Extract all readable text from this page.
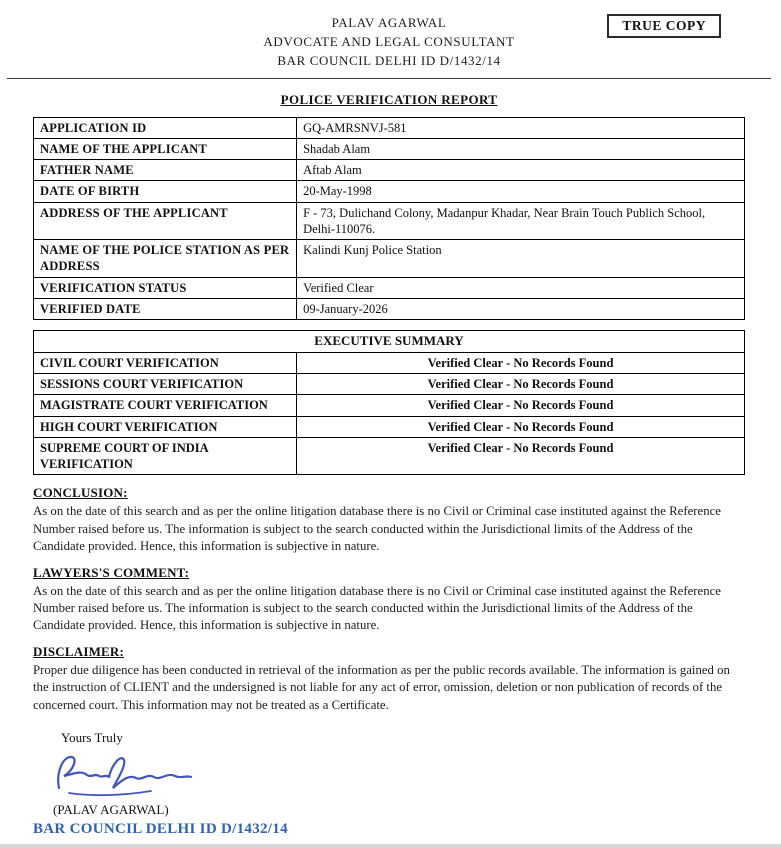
PALAV AGARWAL
ADVOCATE AND LEGAL CONSULTANT
BAR COUNCIL DELHI ID D/1432/14
TRUE COPY
POLICE VERIFICATION REPORT
APPLICATION ID	GQ-AMRSNVJ-581
NAME OF THE APPLICANT	Shadab Alam
FATHER NAME	Aftab Alam
DATE OF BIRTH	20-May-1998
ADDRESS OF THE APPLICANT	F - 73, Dulichand Colony, Madanpur Khadar, Near Brain Touch Publich School, Delhi-110076.
NAME OF THE POLICE STATION AS PER ADDRESS	Kalindi Kunj Police Station
VERIFICATION STATUS	Verified Clear
VERIFIED DATE	09-January-2026
EXECUTIVE SUMMARY	
CIVIL COURT VERIFICATION	Verified Clear - No Records Found
SESSIONS COURT VERIFICATION	Verified Clear - No Records Found
MAGISTRATE COURT VERIFICATION	Verified Clear - No Records Found
HIGH COURT VERIFICATION	Verified Clear - No Records Found
SUPREME COURT OF INDIA VERIFICATION	Verified Clear - No Records Found
CONCLUSION:

As on the date of this search and as per the online litigation database there is no Civil or Criminal case instituted against the Reference Number raised before us. The information is subject to the search conducted within the Jurisdictional limits of the Address of the Candidate provided. Hence, this information is subjective in nature.

LAWYERS'S COMMENT:

As on the date of this search and as per the online litigation database there is no Civil or Criminal case instituted against the Reference Number raised before us. The information is subject to the search conducted within the Jurisdictional limits of the Address of the Candidate provided. Hence, this information is subjective in nature.

DISCLAIMER:

Proper due diligence has been conducted in retrieval of the information as per the public records available. The information is gained on the instruction of CLIENT and the undersigned is not liable for any act of error, omission, deletion or non publication of records of the concerned court. This information may not be treated as a Certificate.

Yours Truly
(PALAV AGARWAL)
BAR COUNCIL DELHI ID D/1432/14
